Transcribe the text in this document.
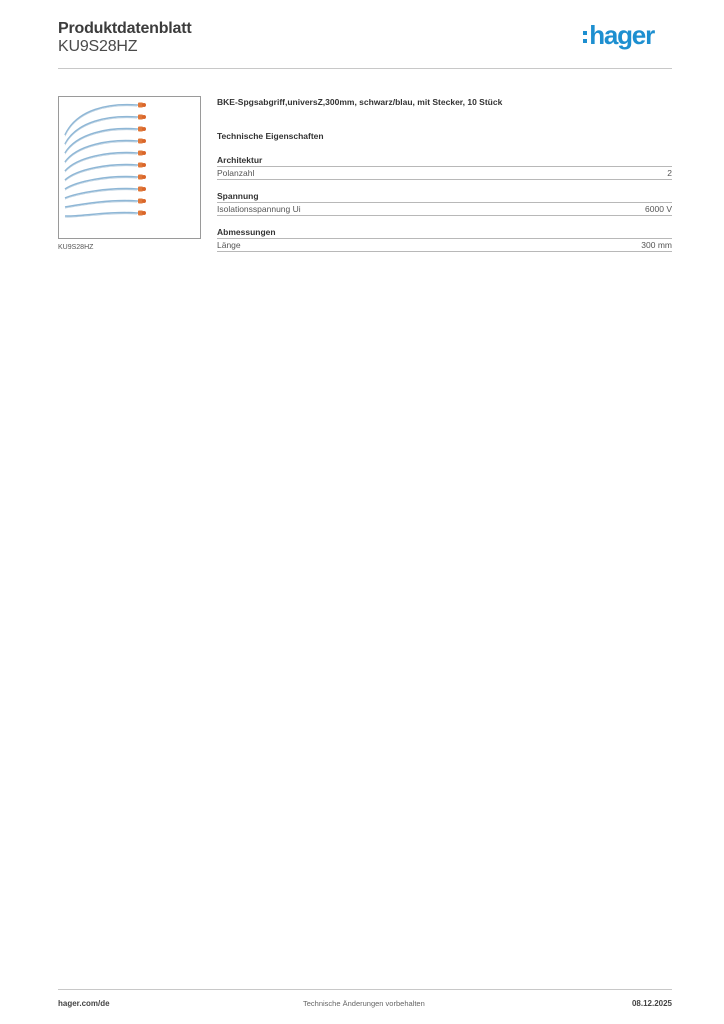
Produktdatenblatt
KU9S28HZ	hager
KU9S28HZ
BKE-Spgsabgriff,universZ,300mm, schwarz/blau, mit Stecker, 10 Stück
Technische Eigenschaften
Architektur
Polanzahl	2
Spannung
Isolationsspannung Ui	6000 V
Abmessungen
Länge	300 mm
hager.com/de	Technische Änderungen vorbehalten	08.12.2025
